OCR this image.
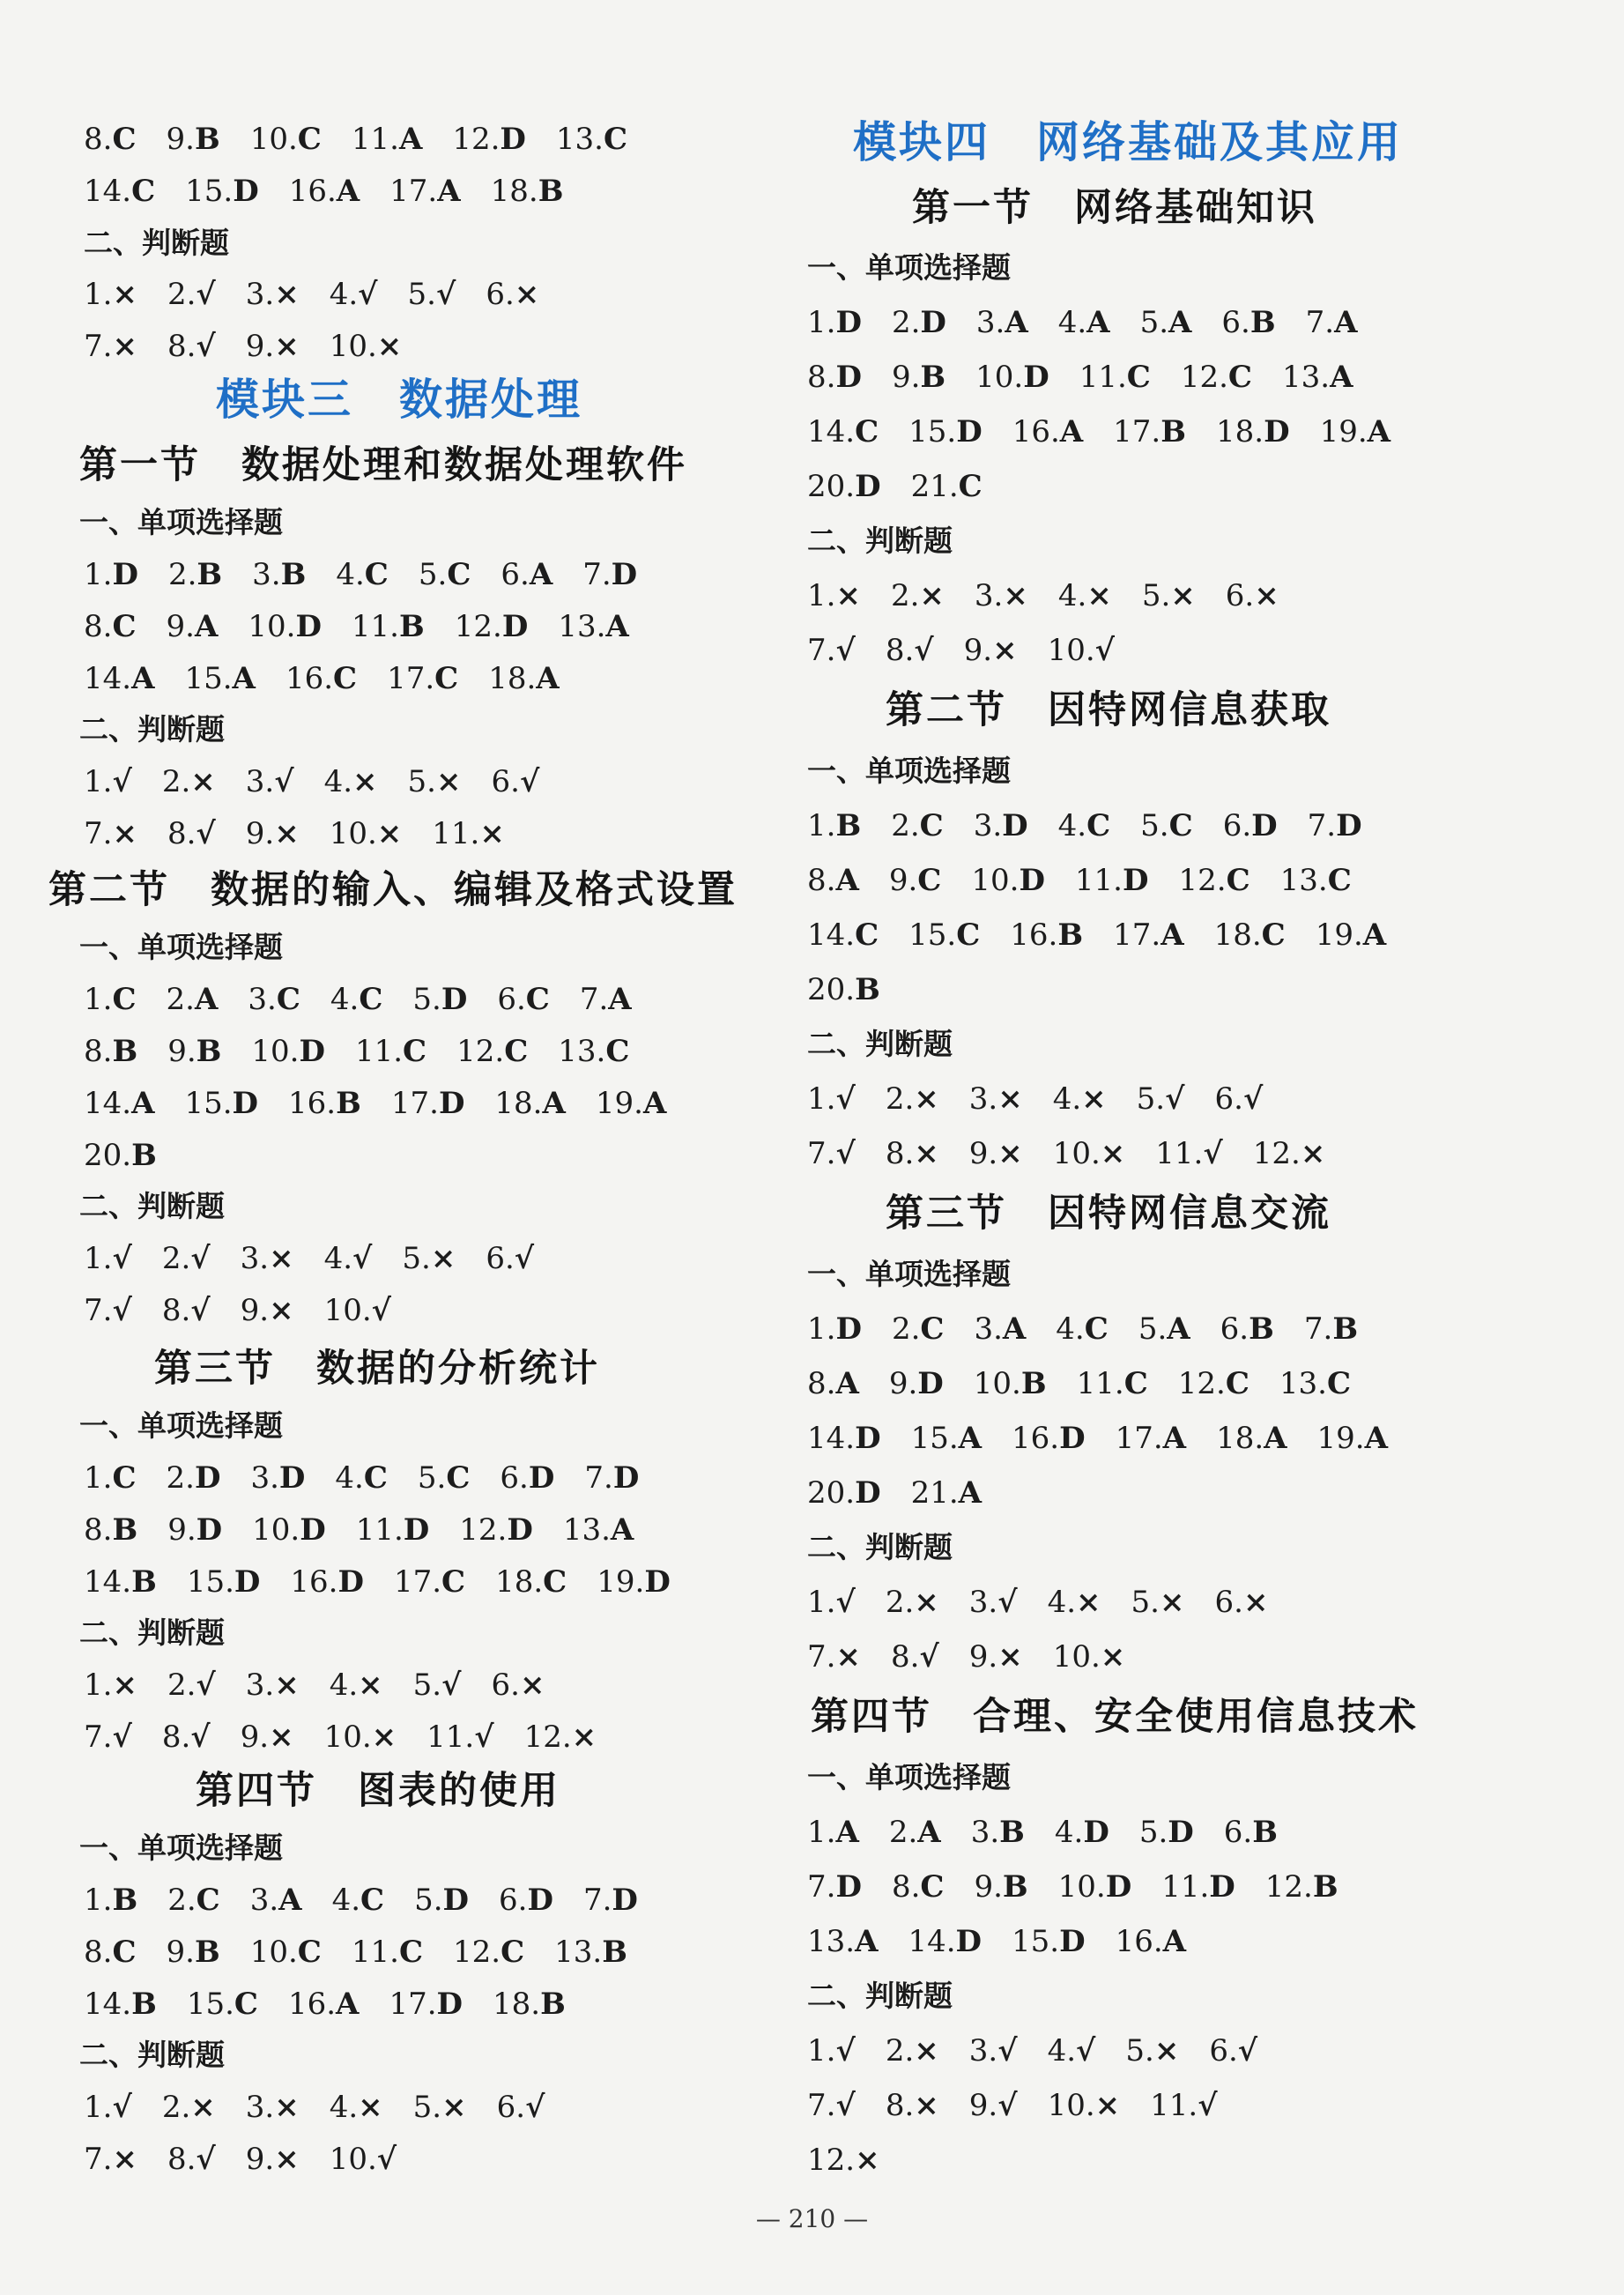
8.C 9.B 10.C 11.A 12.D 13.C
14.C 15.D 16.A 17.A 18.B
二、判断题
1.× 2.√ 3.× 4.√ 5.√ 6.×
7.× 8.√ 9.× 10.×
模块三　数据处理
第一节　数据处理和数据处理软件
一、单项选择题
1.D 2.B 3.B 4.C 5.C 6.A 7.D
8.C 9.A 10.D 11.B 12.D 13.A
14.A 15.A 16.C 17.C 18.A
二、判断题
1.√ 2.× 3.√ 4.× 5.× 6.√
7.× 8.√ 9.× 10.× 11.×
第二节　数据的输入、编辑及格式设置
一、单项选择题
1.C 2.A 3.C 4.C 5.D 6.C 7.A
8.B 9.B 10.D 11.C 12.C 13.C
14.A 15.D 16.B 17.D 18.A 19.A
20.B
二、判断题
1.√ 2.√ 3.× 4.√ 5.× 6.√
7.√ 8.√ 9.× 10.√
第三节　数据的分析统计
一、单项选择题
1.C 2.D 3.D 4.C 5.C 6.D 7.D
8.B 9.D 10.D 11.D 12.D 13.A
14.B 15.D 16.D 17.C 18.C 19.D
二、判断题
1.× 2.√ 3.× 4.× 5.√ 6.×
7.√ 8.√ 9.× 10.× 11.√ 12.×
第四节　图表的使用
一、单项选择题
1.B 2.C 3.A 4.C 5.D 6.D 7.D
8.C 9.B 10.C 11.C 12.C 13.B
14.B 15.C 16.A 17.D 18.B
二、判断题
1.√ 2.× 3.× 4.× 5.× 6.√
7.× 8.√ 9.× 10.√
模块四　网络基础及其应用
第一节　网络基础知识
一、单项选择题
1.D 2.D 3.A 4.A 5.A 6.B 7.A
8.D 9.B 10.D 11.C 12.C 13.A
14.C 15.D 16.A 17.B 18.D 19.A
20.D 21.C
二、判断题
1.× 2.× 3.× 4.× 5.× 6.×
7.√ 8.√ 9.× 10.√
第二节　因特网信息获取
一、单项选择题
1.B 2.C 3.D 4.C 5.C 6.D 7.D
8.A 9.C 10.D 11.D 12.C 13.C
14.C 15.C 16.B 17.A 18.C 19.A
20.B
二、判断题
1.√ 2.× 3.× 4.× 5.√ 6.√
7.√ 8.× 9.× 10.× 11.√ 12.×
第三节　因特网信息交流
一、单项选择题
1.D 2.C 3.A 4.C 5.A 6.B 7.B
8.A 9.D 10.B 11.C 12.C 13.C
14.D 15.A 16.D 17.A 18.A 19.A
20.D 21.A
二、判断题
1.√ 2.× 3.√ 4.× 5.× 6.×
7.× 8.√ 9.× 10.×
第四节　合理、安全使用信息技术
一、单项选择题
1.A 2.A 3.B 4.D 5.D 6.B
7.D 8.C 9.B 10.D 11.D 12.B
13.A 14.D 15.D 16.A
二、判断题
1.√ 2.× 3.√ 4.√ 5.× 6.√
7.√ 8.× 9.√ 10.× 11.√
12.×
— 210 —
